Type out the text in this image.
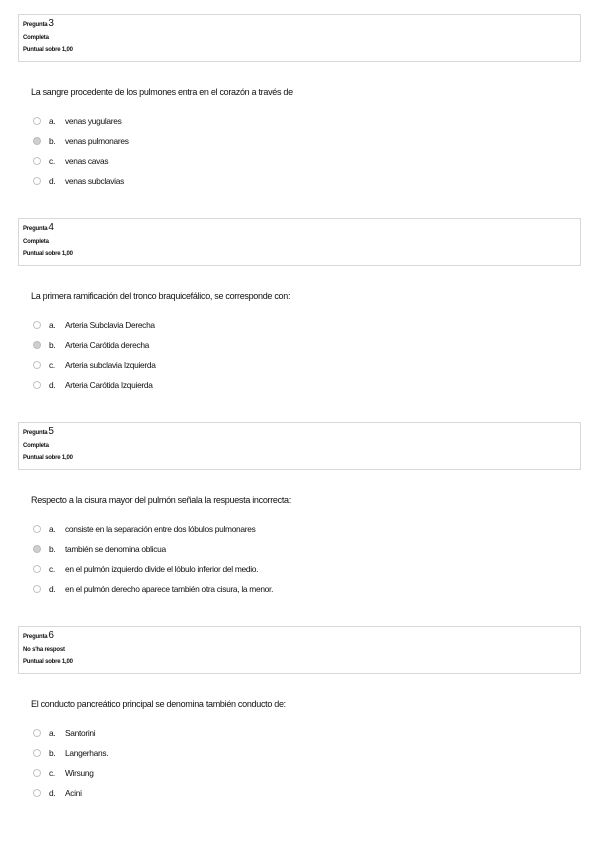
Pregunta3
Completa
Puntual sobre 1,00
La sangre procedente de los pulmones entra en el corazón a través de
a.	venas yugulares
b.	venas pulmonares
c.	venas cavas
d.	venas subclavias
Pregunta4
Completa
Puntual sobre 1,00
La primera ramificación del tronco braquicefálico, se corresponde con:
a.	Arteria Subclavia Derecha
b.	Arteria Carótida derecha
c.	Arteria subclavia Izquierda
d.	Arteria Carótida Izquierda
Pregunta5
Completa
Puntual sobre 1,00
Respecto a la cisura mayor del pulmón señala la respuesta incorrecta:
a.	consiste en la separación entre dos lóbulos pulmonares
b.	también se denomina oblicua
c.	en el pulmón izquierdo divide el lóbulo inferior del medio.
d.	en el pulmón derecho aparece también otra cisura, la menor.
Pregunta6
No s'ha respost
Puntual sobre 1,00
El conducto pancreático principal se denomina también conducto de:
a.	Santorini
b.	Langerhans.
c.	Wirsung
d.	Acini
